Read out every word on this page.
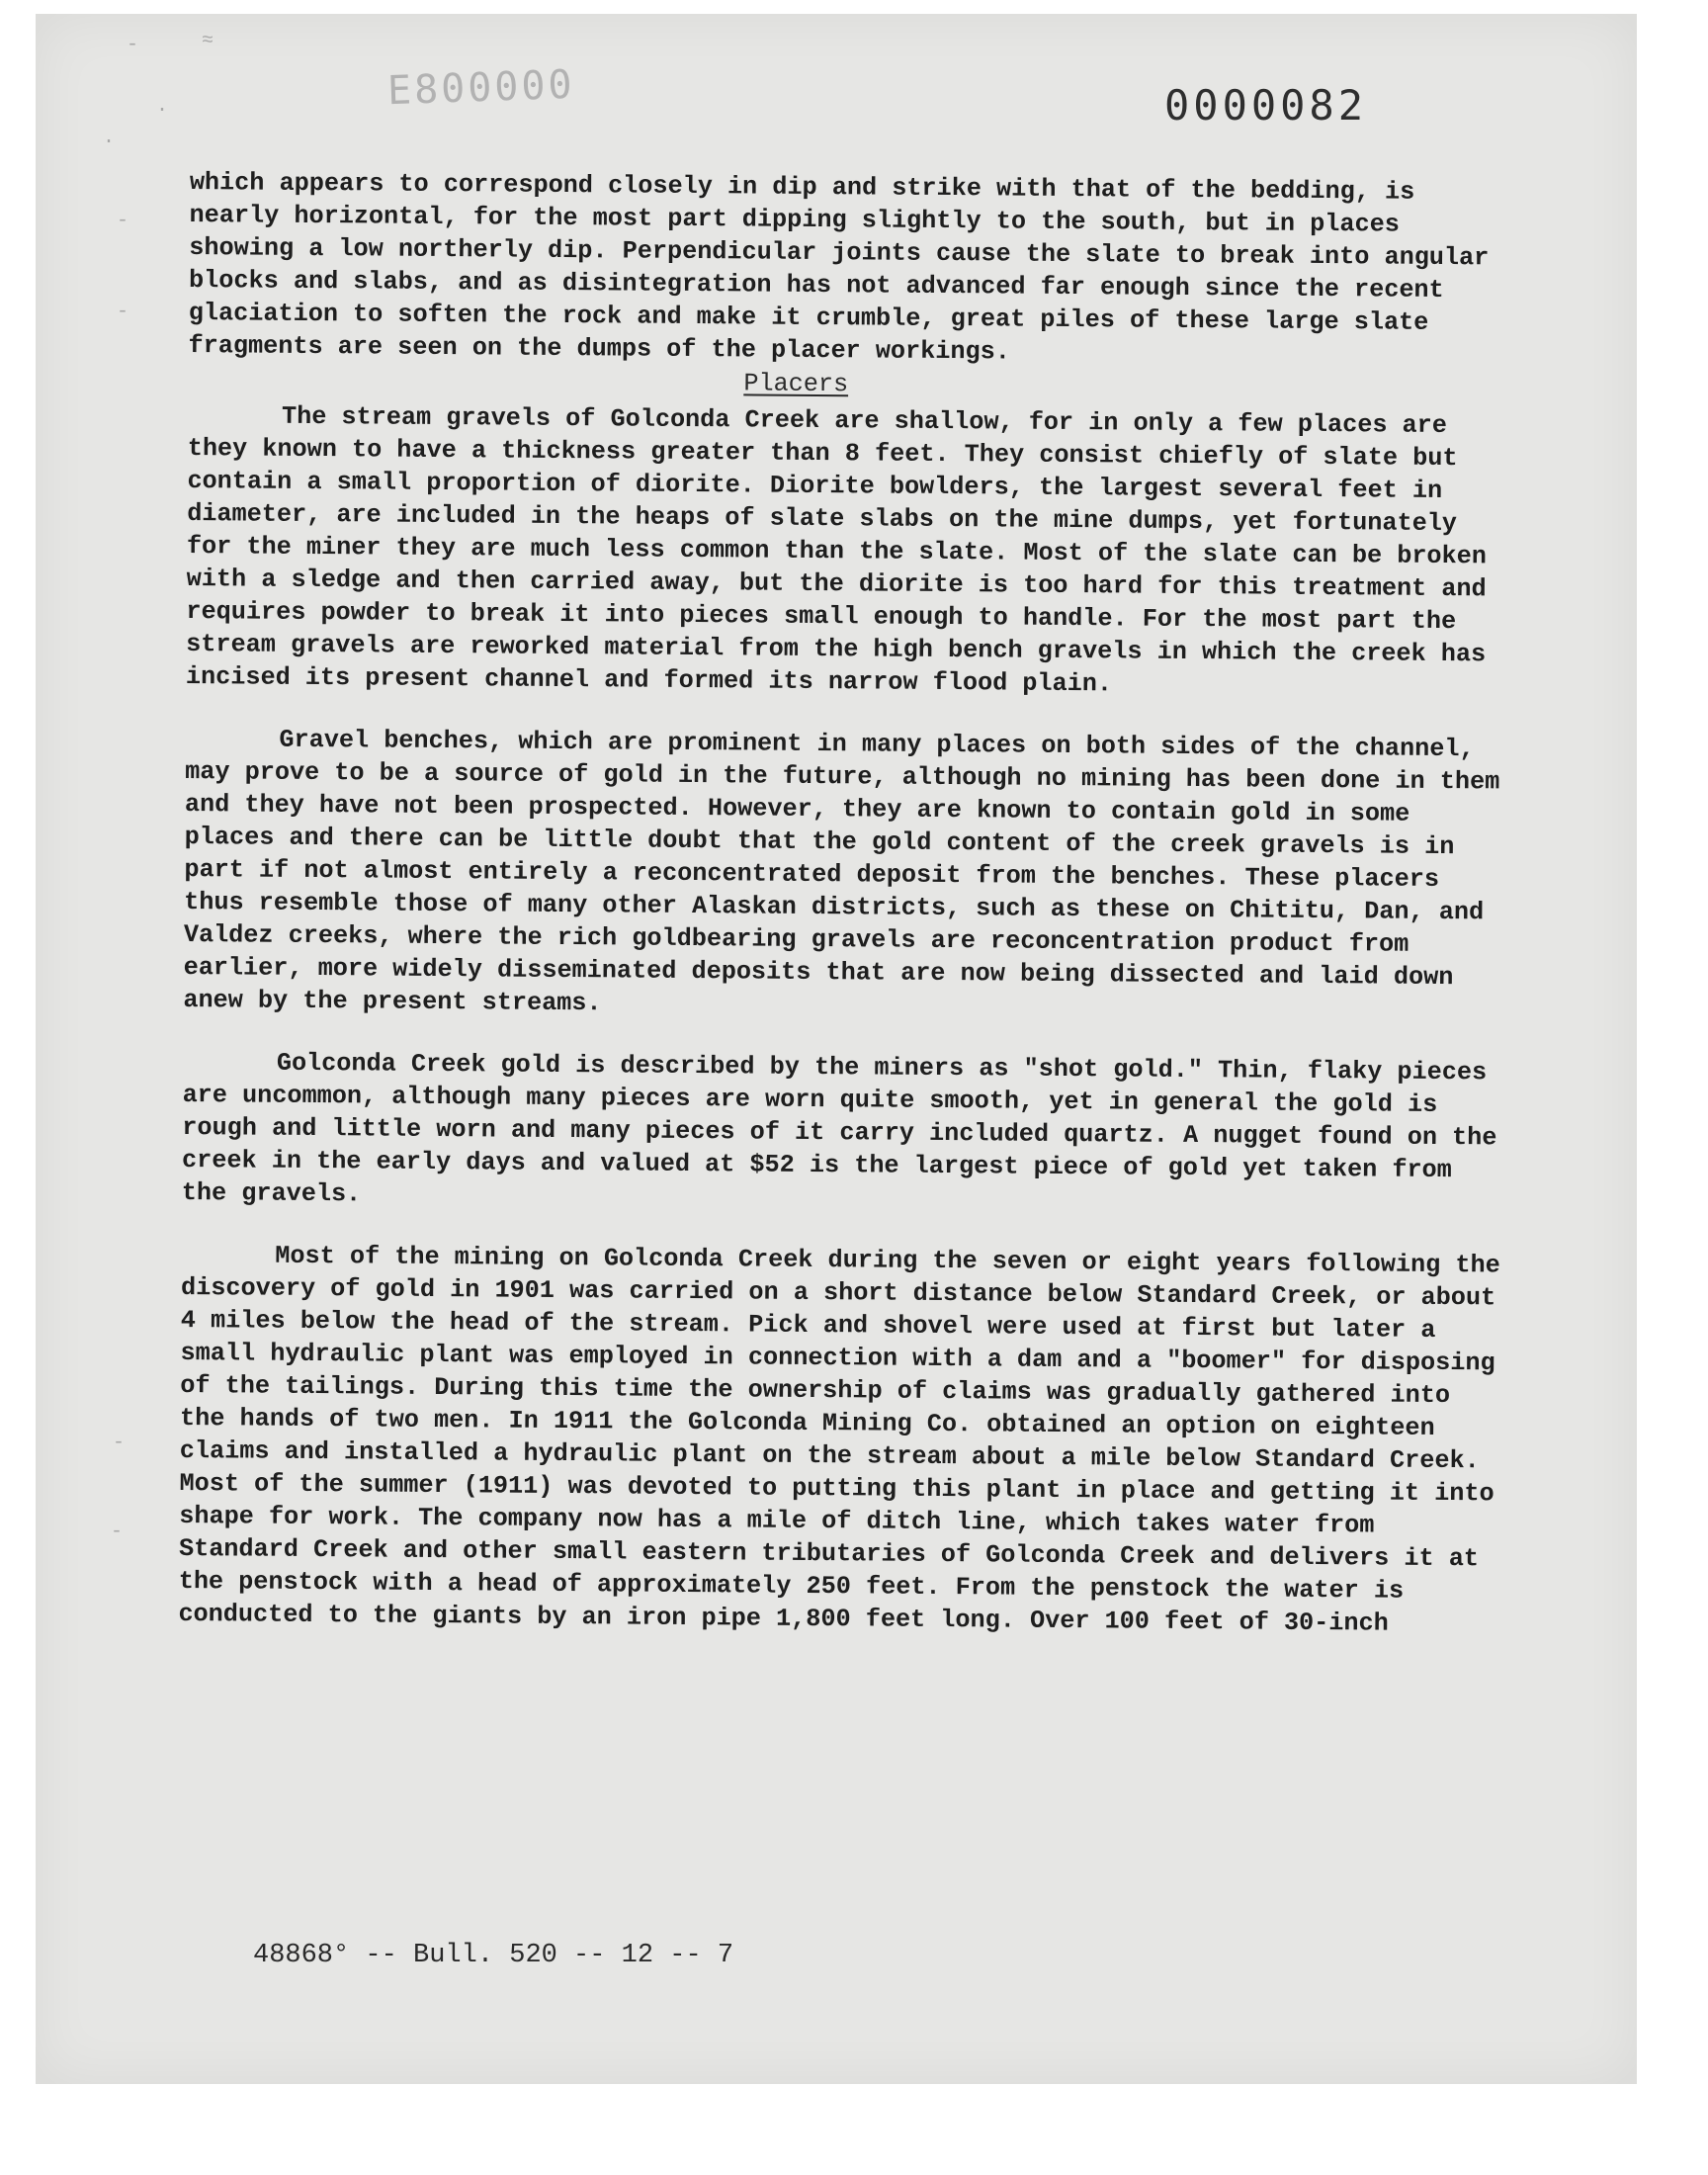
-	≈
·
·
-
-
-
-
E800000	0000082

which appears to correspond closely in dip and strike with that of the bedding, is nearly horizontal, for the most part dipping slightly to the south, but in places showing a low northerly dip. Perpendicular joints cause the slate to break into angular blocks and slabs, and as disintegration has not advanced far enough since the recent glaciation to soften the rock and make it crumble, great piles of these large slate fragments are seen on the dumps of the placer workings.

Placers

The stream gravels of Golconda Creek are shallow, for in only a few places are they known to have a thickness greater than 8 feet. They consist chiefly of slate but contain a small proportion of diorite. Diorite bowlders, the largest several feet in diameter, are included in the heaps of slate slabs on the mine dumps, yet fortunately for the miner they are much less common than the slate. Most of the slate can be broken with a sledge and then carried away, but the diorite is too hard for this treatment and requires powder to break it into pieces small enough to handle. For the most part the stream gravels are reworked material from the high bench gravels in which the creek has incised its present channel and formed its narrow flood plain.

Gravel benches, which are prominent in many places on both sides of the channel, may prove to be a source of gold in the future, although no mining has been done in them and they have not been prospected. However, they are known to contain gold in some places and there can be little doubt that the gold content of the creek gravels is in part if not almost entirely a reconcentrated deposit from the benches. These placers thus resemble those of many other Alaskan districts, such as these on Chititu, Dan, and Valdez creeks, where the rich goldbearing gravels are reconcentration product from earlier, more widely disseminated deposits that are now being dissected and laid down anew by the present streams.

Golconda Creek gold is described by the miners as "shot gold." Thin, flaky pieces are uncommon, although many pieces are worn quite smooth, yet in general the gold is rough and little worn and many pieces of it carry included quartz. A nugget found on the creek in the early days and valued at $52 is the largest piece of gold yet taken from the gravels.

Most of the mining on Golconda Creek during the seven or eight years following the discovery of gold in 1901 was carried on a short distance below Standard Creek, or about 4 miles below the head of the stream. Pick and shovel were used at first but later a small hydraulic plant was employed in connection with a dam and a "boomer" for disposing of the tailings. During this time the ownership of claims was gradually gathered into the hands of two men. In 1911 the Golconda Mining Co. obtained an option on eighteen claims and installed a hydraulic plant on the stream about a mile below Standard Creek. Most of the summer (1911) was devoted to putting this plant in place and getting it into shape for work. The company now has a mile of ditch line, which takes water from Standard Creek and other small eastern tributaries of Golconda Creek and delivers it at the penstock with a head of approximately 250 feet. From the penstock the water is conducted to the giants by an iron pipe 1,800 feet long. Over 100 feet of 30-inch

48868° -- Bull. 520 -- 12 -- 7
